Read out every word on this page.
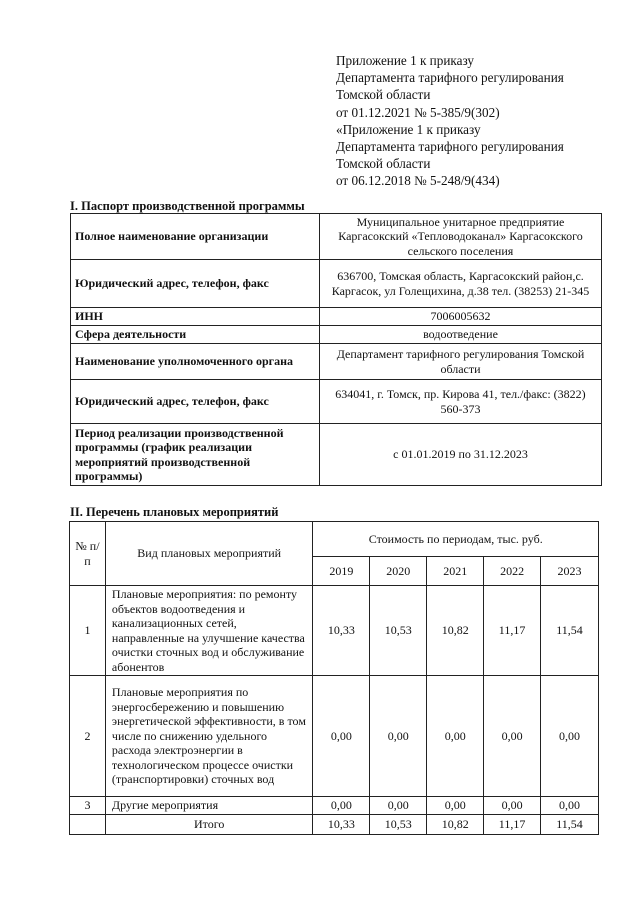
Приложение 1 к приказу
Департамента тарифного регулирования
Томской области
от 01.12.2021 № 5-385/9(302)
«Приложение 1 к приказу
Департамента тарифного регулирования
Томской области
от 06.12.2018 № 5-248/9(434)
I. Паспорт производственной программы
Полное наименование организации	Муниципальное унитарное предприятие Каргасокский «Тепловодоканал» Каргасокского сельского поселения
Юридический адрес, телефон, факс	636700, Томская область, Каргасокский район,с. Каргасок, ул Голещихина, д.38 тел. (38253) 21-345
ИНН	7006005632
Сфера деятельности	водоотведение
Наименование уполномоченного органа	Департамент тарифного регулирования Томской области
Юридический адрес, телефон, факс	634041, г. Томск, пр. Кирова 41, тел./факс: (3822) 560-373
Период реализации производственной программы (график реализации мероприятий производственной программы)	с 01.01.2019 по 31.12.2023
II. Перечень плановых мероприятий
№ п/п	Вид плановых мероприятий	Стоимость по периодам, тыс. руб.				
		2019	2020	2021	2022	2023
1	Плановые мероприятия: по ремонту объектов водоотведения и канализационных сетей, направленные на улучшение качества очистки сточных вод и обслуживание абонентов	10,33	10,53	10,82	11,17	11,54
2	Плановые мероприятия по энергосбережению и повышению энергетической эффективности, в том числе по снижению удельного расхода электроэнергии в технологическом процессе очистки (транспортировки) сточных вод	0,00	0,00	0,00	0,00	0,00
3	Другие мероприятия	0,00	0,00	0,00	0,00	0,00
	Итого	10,33	10,53	10,82	11,17	11,54
